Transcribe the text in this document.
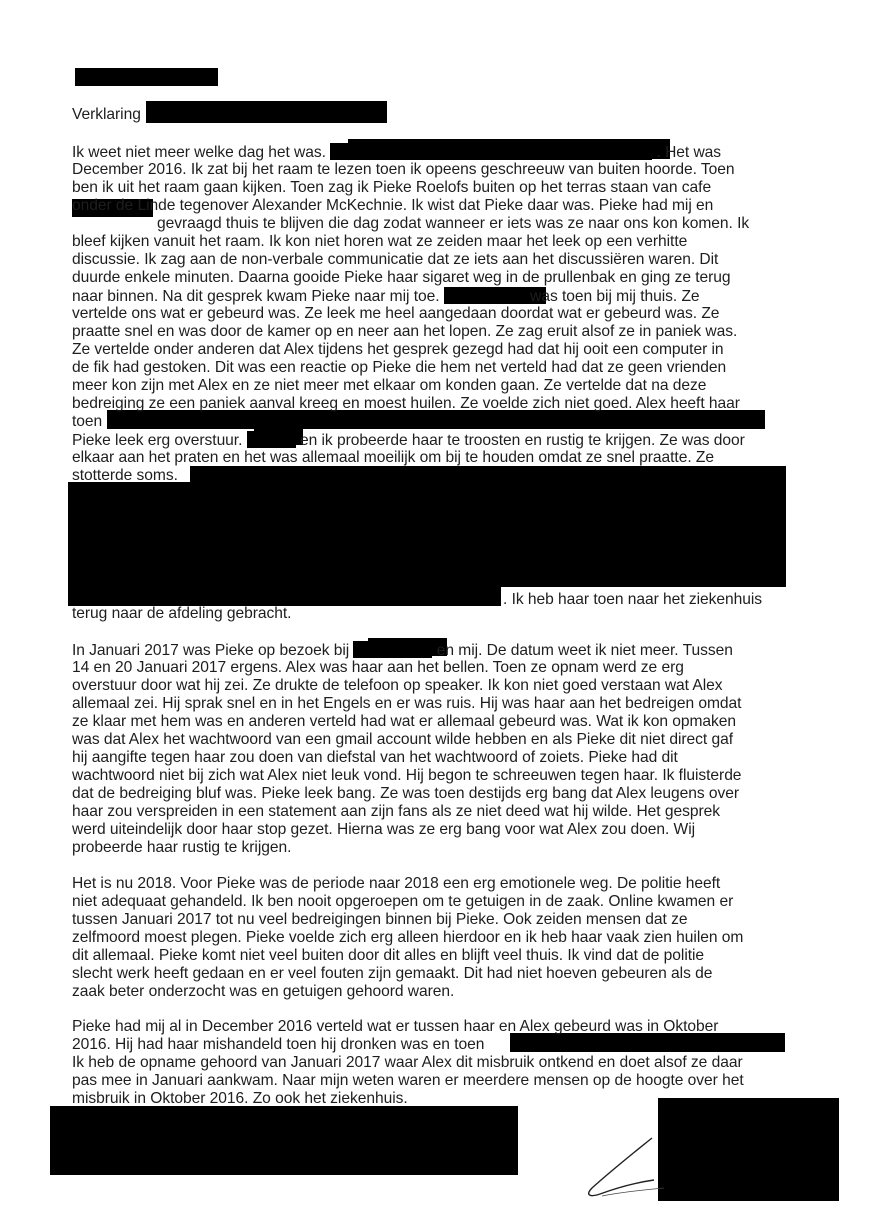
Verklaring
Ik weet niet meer welke dag het was.	. Het was
December 2016. Ik zat bij het raam te lezen toen ik opeens geschreeuw van buiten hoorde. Toen
ben ik uit het raam gaan kijken. Toen zag ik Pieke Roelofs buiten op het terras staan van cafe
onder de Linde tegenover Alexander McKechnie. Ik wist dat Pieke daar was. Pieke had mij en
gevraagd thuis te blijven die dag zodat wanneer er iets was ze naar ons kon komen. Ik
bleef kijken vanuit het raam. Ik kon niet horen wat ze zeiden maar het leek op een verhitte
discussie. Ik zag aan de non-verbale communicatie dat ze iets aan het discussiëren waren. Dit
duurde enkele minuten. Daarna gooide Pieke haar sigaret weg in de prullenbak en ging ze terug
naar binnen. Na dit gesprek kwam Pieke naar mij toe.	was toen bij mij thuis. Ze
vertelde ons wat er gebeurd was. Ze leek me heel aangedaan doordat wat er gebeurd was. Ze
praatte snel en was door de kamer op en neer aan het lopen. Ze zag eruit alsof ze in paniek was.
Ze vertelde onder anderen dat Alex tijdens het gesprek gezegd had dat hij ooit een computer in
de fik had gestoken. Dit was een reactie op Pieke die hem net verteld had dat ze geen vrienden
meer kon zijn met Alex en ze niet meer met elkaar om konden gaan. Ze vertelde dat na deze
bedreiging ze een paniek aanval kreeg en moest huilen. Ze voelde zich niet goed. Alex heeft haar
toen
Pieke leek erg overstuur.	en ik probeerde haar te troosten en rustig te krijgen. Ze was door
elkaar aan het praten en het was allemaal moeilijk om bij te houden omdat ze snel praatte. Ze
stotterde soms.
. Ik heb haar toen naar het ziekenhuis
terug naar de afdeling gebracht.
In Januari 2017 was Pieke op bezoek bij	en mij. De datum weet ik niet meer. Tussen
14 en 20 Januari 2017 ergens. Alex was haar aan het bellen. Toen ze opnam werd ze erg
overstuur door wat hij zei. Ze drukte de telefoon op speaker. Ik kon niet goed verstaan wat Alex
allemaal zei. Hij sprak snel en in het Engels en er was ruis. Hij was haar aan het bedreigen omdat
ze klaar met hem was en anderen verteld had wat er allemaal gebeurd was. Wat ik kon opmaken
was dat Alex het wachtwoord van een gmail account wilde hebben en als Pieke dit niet direct gaf
hij aangifte tegen haar zou doen van diefstal van het wachtwoord of zoiets. Pieke had dit
wachtwoord niet bij zich wat Alex niet leuk vond. Hij begon te schreeuwen tegen haar. Ik fluisterde
dat de bedreiging bluf was. Pieke leek bang. Ze was toen destijds erg bang dat Alex leugens over
haar zou verspreiden in een statement aan zijn fans als ze niet deed wat hij wilde. Het gesprek
werd uiteindelijk door haar stop gezet. Hierna was ze erg bang voor wat Alex zou doen. Wij
probeerde haar rustig te krijgen.
Het is nu 2018. Voor Pieke was de periode naar 2018 een erg emotionele weg. De politie heeft
niet adequaat gehandeld. Ik ben nooit opgeroepen om te getuigen in de zaak. Online kwamen er
tussen Januari 2017 tot nu veel bedreigingen binnen bij Pieke. Ook zeiden mensen dat ze
zelfmoord moest plegen. Pieke voelde zich erg alleen hierdoor en ik heb haar vaak zien huilen om
dit allemaal. Pieke komt niet veel buiten door dit alles en blijft veel thuis. Ik vind dat de politie
slecht werk heeft gedaan en er veel fouten zijn gemaakt. Dit had niet hoeven gebeuren als de
zaak beter onderzocht was en getuigen gehoord waren.
Pieke had mij al in December 2016 verteld wat er tussen haar en Alex gebeurd was in Oktober
2016. Hij had haar mishandeld toen hij dronken was en toen
Ik heb de opname gehoord van Januari 2017 waar Alex dit misbruik ontkend en doet alsof ze daar
pas mee in Januari aankwam. Naar mijn weten waren er meerdere mensen op de hoogte over het
misbruik in Oktober 2016. Zo ook het ziekenhuis.
